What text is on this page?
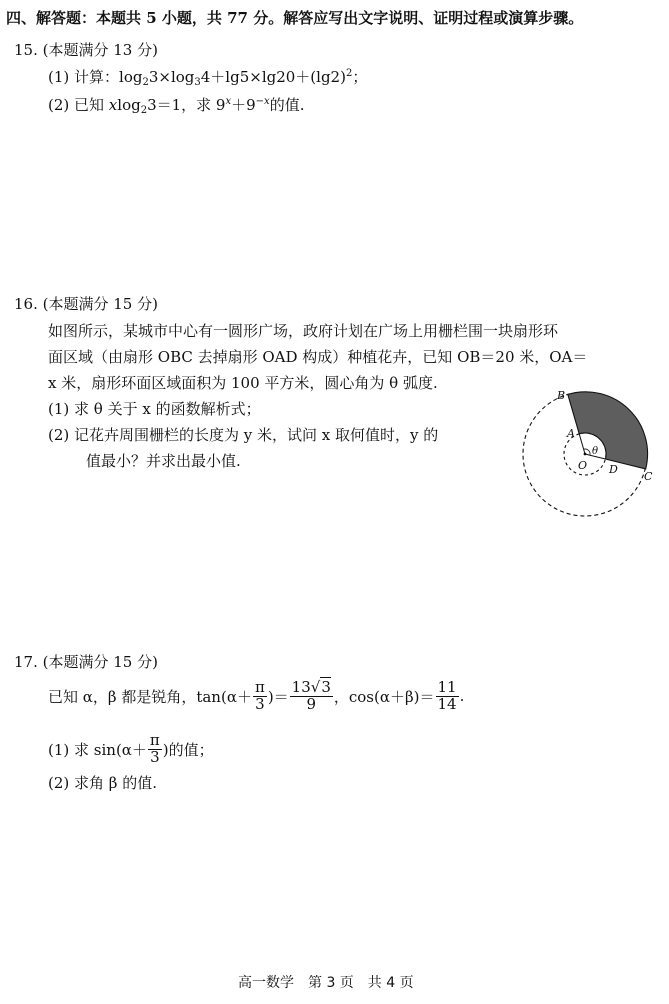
四、解答题：本题共 5 小题，共 77 分。解答应写出文字说明、证明过程或演算步骤。
15. (本题满分 13 分)
(1) 计算：$\log_23\times\log_34+\lg 5\times\lg 20+(\lg 2)^2$；
(2) 已知 xlog$_2$3＝1，求 $9^x+9^{-x}$的值.
16. (本题满分 15 分)
如图所示，某城市中心有一圆形广场，政府计划在广场上用栅栏围一块扇形环
面区域（由扇形 OBC 去掉扇形 OAD 构成）种植花卉，已知 OB＝20 米，OA＝
x 米，扇形环面区域面积为 100 平方米，圆心角为 θ 弧度.
(1) 求 θ 关于 x 的函数解析式；
(2) 记花卉周围栅栏的长度为 y 米，试问 x 取何值时，y 的
值最小？并求出最小值.
B
A
θ
O D
C
17. (本题满分 15 分)
已知 α，β 都是锐角，$\tan(\alpha+ \frac{\pi}{3}$ )＝ $\frac{13√3}{9}$ ，$\cos(\alpha+\beta)= \frac{11}{14}$ .
(1) 求 $\sin(\alpha+ \frac{\pi}{3}$ )的值；
(2) 求角 β 的值.
高一数学　第 3 页　共 4 页
